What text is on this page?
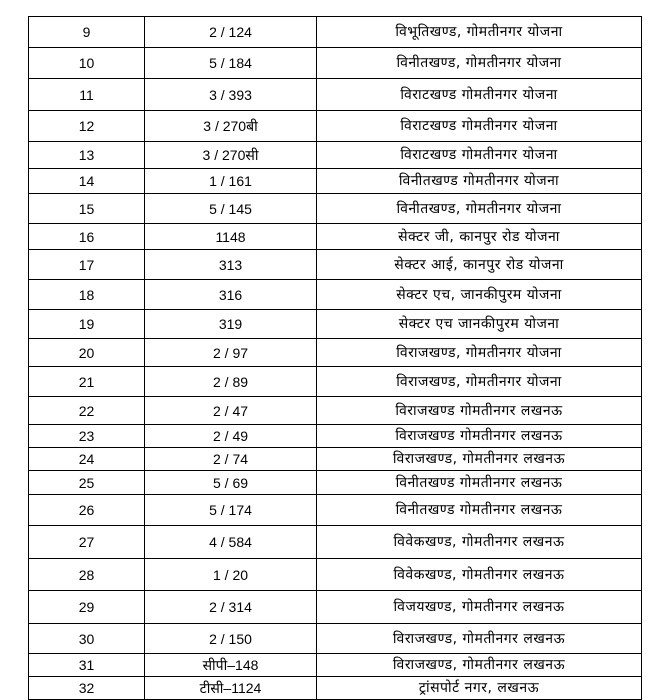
9	2 / 124	विभूतिखण्ड, गोमतीनगर योजना
10	5 / 184	विनीतखण्ड, गोमतीनगर योजना
11	3 / 393	विराटखण्ड गोमतीनगर योजना
12	3 / 270बी	विराटखण्ड गोमतीनगर योजना
13	3 / 270सी	विराटखण्ड गोमतीनगर योजना
14	1 / 161	विनीतखण्ड गोमतीनगर योजना
15	5 / 145	विनीतखण्ड, गोमतीनगर योजना
16	1148	सेक्टर जी, कानपुर रोड योजना
17	313	सेक्टर आई, कानपुर रोड योजना
18	316	सेक्टर एच, जानकीपुरम योजना
19	319	सेक्टर एच जानकीपुरम योजना
20	2 / 97	विराजखण्ड, गोमतीनगर योजना
21	2 / 89	विराजखण्ड, गोमतीनगर योजना
22	2 / 47	विराजखण्ड गोमतीनगर लखनऊ
23	2 / 49	विराजखण्ड गोमतीनगर लखनऊ
24	2 / 74	विराजखण्ड, गोमतीनगर लखनऊ
25	5 / 69	विनीतखण्ड गोमतीनगर लखनऊ
26	5 / 174	विनीतखण्ड गोमतीनगर लखनऊ
27	4 / 584	विवेकखण्ड, गोमतीनगर लखनऊ
28	1 / 20	विवेकखण्ड, गोमतीनगर लखनऊ
29	2 / 314	विजयखण्ड, गोमतीनगर लखनऊ
30	2 / 150	विराजखण्ड, गोमतीनगर लखनऊ
31	सीपी–148	विराजखण्ड, गोमतीनगर लखनऊ
32	टीसी–1124	ट्रांसपोर्ट नगर, लखनऊ
